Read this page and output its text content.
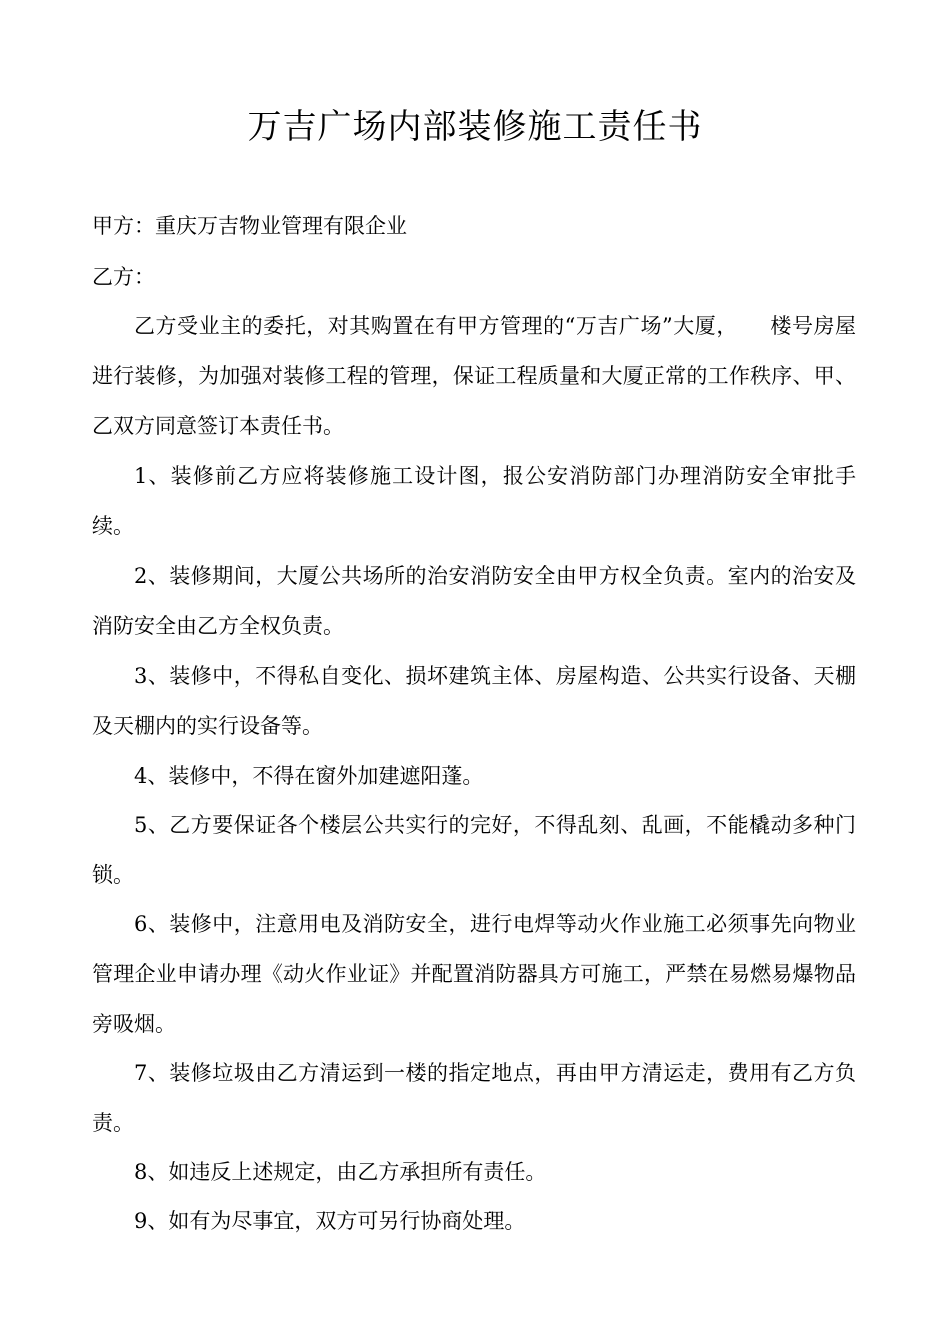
万吉广场内部装修施工责任书
甲方：重庆万吉物业管理有限企业
乙方：
乙方受业主的委托，对其购置在有甲方管理的“万吉广场”大厦，　　楼号房屋进行装修，为加强对装修工程的管理，保证工程质量和大厦正常的工作秩序、甲、乙双方同意签订本责任书。
1、装修前乙方应将装修施工设计图，报公安消防部门办理消防安全审批手续。
2、装修期间，大厦公共场所的治安消防安全由甲方权全负责。室内的治安及消防安全由乙方全权负责。
3、装修中，不得私自变化、损坏建筑主体、房屋构造、公共实行设备、天棚及天棚内的实行设备等。
4、装修中，不得在窗外加建遮阳蓬。
5、乙方要保证各个楼层公共实行的完好，不得乱刻、乱画，不能橇动多种门锁。
6、装修中，注意用电及消防安全，进行电焊等动火作业施工必须事先向物业管理企业申请办理《动火作业证》并配置消防器具方可施工，严禁在易燃易爆物品旁吸烟。
7、装修垃圾由乙方清运到一楼的指定地点，再由甲方清运走，费用有乙方负责。
8、如违反上述规定，由乙方承担所有责任。
9、如有为尽事宜，双方可另行协商处理。
